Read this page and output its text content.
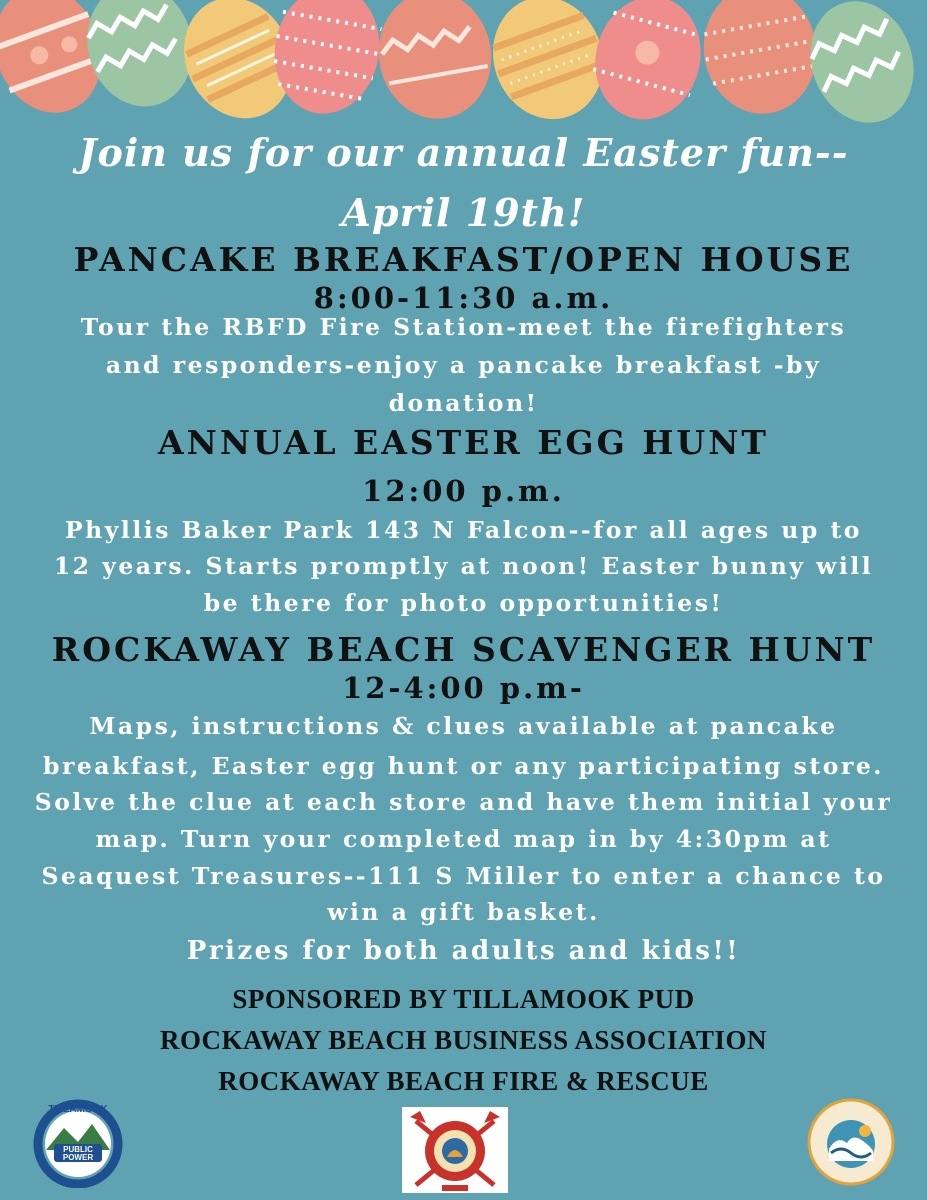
Join us for our annual Easter fun--
April 19th!
PANCAKE BREAKFAST/OPEN HOUSE
8:00-11:30 a.m.
Tour the RBFD Fire Station-meet the firefighters
and responders-enjoy a pancake breakfast -by
donation!
ANNUAL EASTER EGG HUNT
12:00 p.m.
Phyllis Baker Park 143 N Falcon--for all ages up to
12 years. Starts promptly at noon! Easter bunny will
be there for photo opportunities!
ROCKAWAY BEACH SCAVENGER HUNT
12-4:00 p.m-
Maps, instructions & clues available at pancake
breakfast, Easter egg hunt or any participating store.
Solve the clue at each store and have them initial your
map. Turn your completed map in by 4:30pm at
Seaquest Treasures--111 S Miller to enter a chance to
win a gift basket.
Prizes for both adults and kids!!
SPONSORED BY TILLAMOOK PUD
ROCKAWAY BEACH BUSINESS ASSOCIATION
ROCKAWAY BEACH FIRE & RESCUE
PUBLIC
POWER
TILLAMOOK
